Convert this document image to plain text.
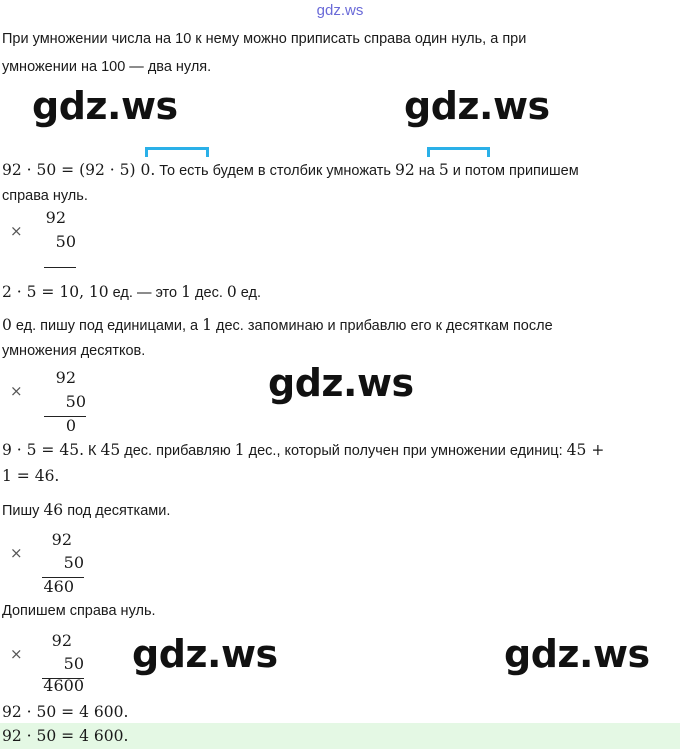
gdz.ws
При умножении числа на 10 к нему можно приписать справа один нуль, а при
умножении на 100 — два нуля.
gdz.ws	gdz.ws
92 · 50 = (92 · 5) 0. То есть будем в столбик умножать 92 на 5 и потом припишем
справа нуль.
×
92
50
2 · 5 = 10, 10 ед. — это 1 дес. 0 ед.
0 ед. пишу под единицами, а 1 дес. запоминаю и прибавлю его к десяткам после
умножения десятков.
×
92
50
0
gdz.ws
9 · 5 = 45. К 45 дес. прибавляю 1 дес., который получен при умножении единиц: 45 +
1 = 46.
Пишу 46 под десятками.
×
92
50
460
Допишем справа нуль.
×
92
50
4600
gdz.ws	gdz.ws
92 · 50 = 4 600.
92 · 50 = 4 600.
